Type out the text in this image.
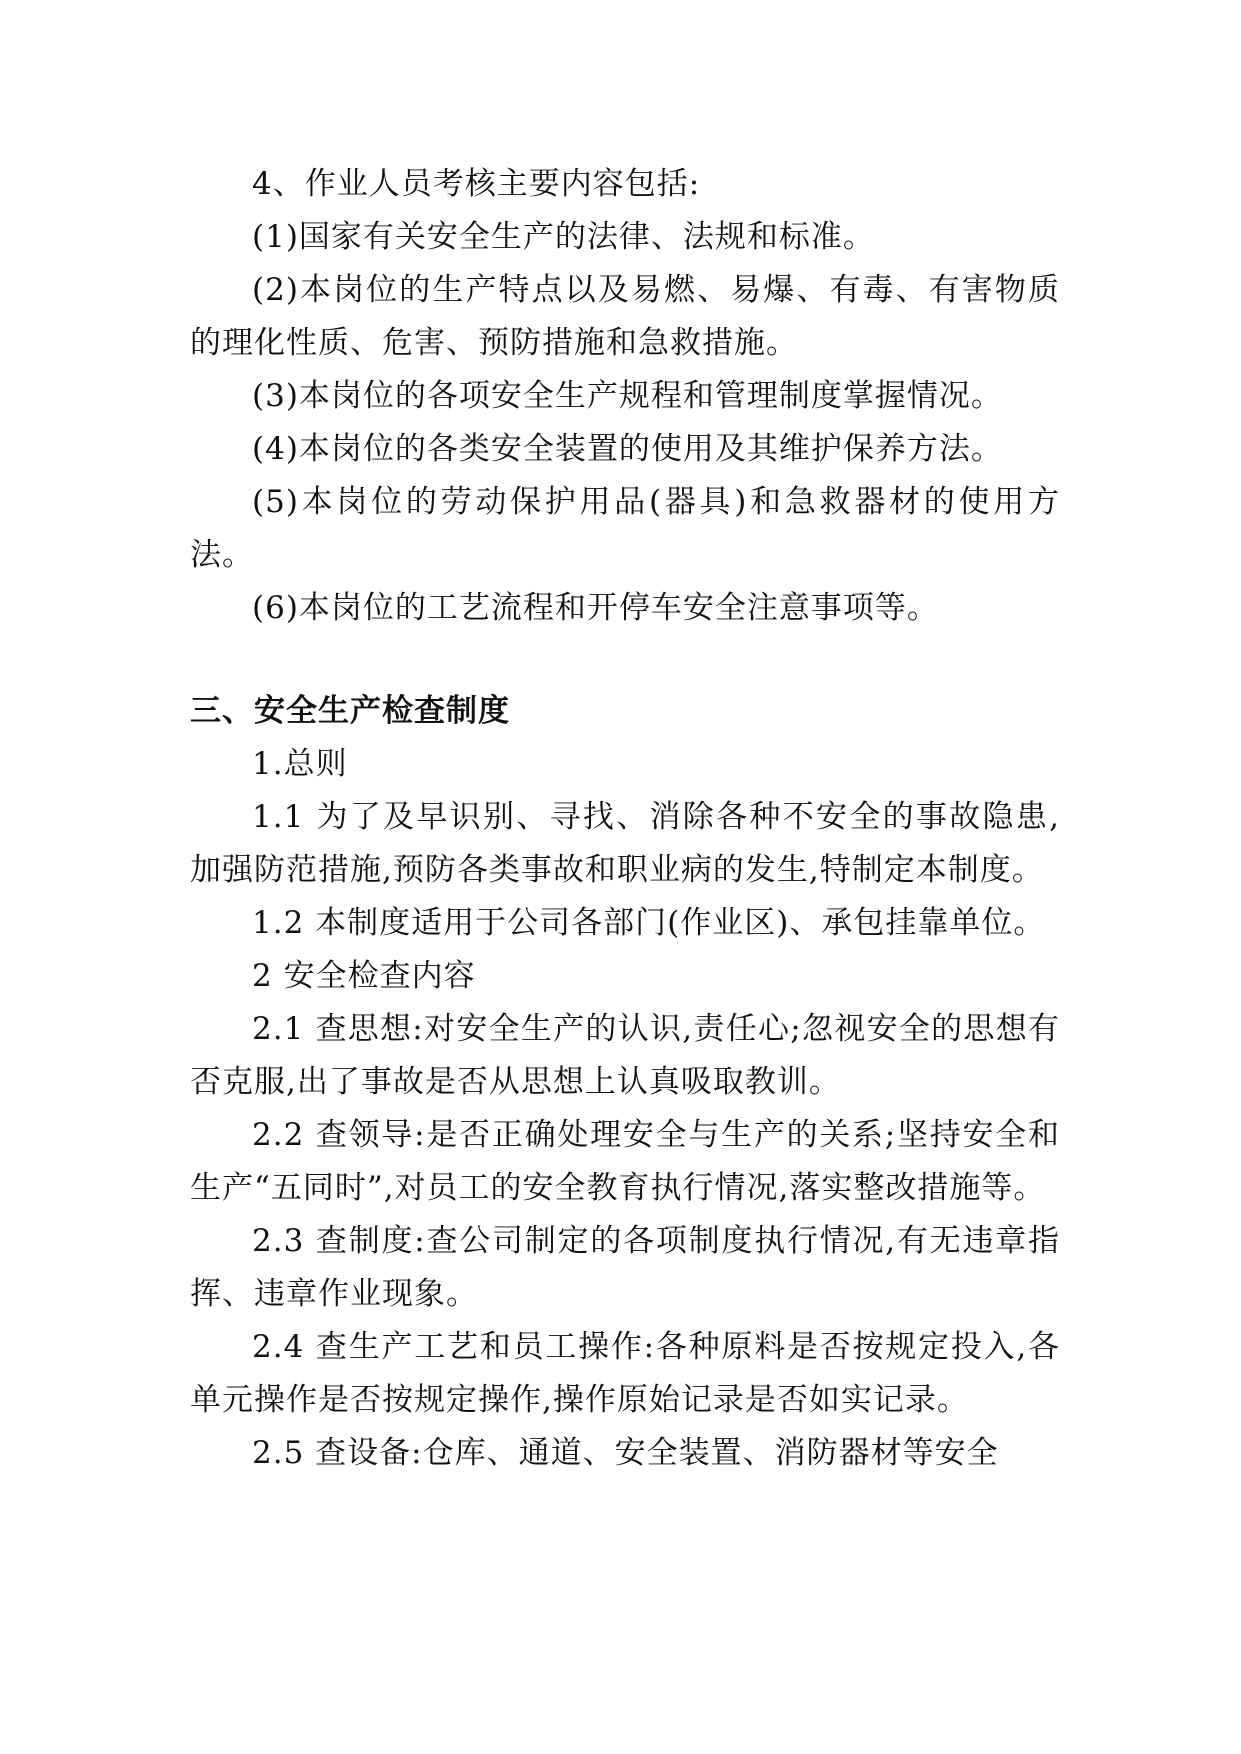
4、作业人员考核主要内容包括:

(1)国家有关安全生产的法律、法规和标准。

(2)本岗位的生产特点以及易燃、易爆、有毒、有害物质的理化性质、危害、预防措施和急救措施。

(3)本岗位的各项安全生产规程和管理制度掌握情况。

(4)本岗位的各类安全装置的使用及其维护保养方法。

(5)本岗位的劳动保护用品(器具)和急救器材的使用方法。

(6)本岗位的工艺流程和开停车安全注意事项等。

三、安全生产检查制度

1.总则

1.1 为了及早识别、寻找、消除各种不安全的事故隐患,加强防范措施,预防各类事故和职业病的发生,特制定本制度。

1.2 本制度适用于公司各部门(作业区)、承包挂靠单位。

2 安全检查内容

2.1 查思想:对安全生产的认识,责任心;忽视安全的思想有否克服,出了事故是否从思想上认真吸取教训。

2.2 查领导:是否正确处理安全与生产的关系;坚持安全和生产“五同时”,对员工的安全教育执行情况,落实整改措施等。

2.3 查制度:查公司制定的各项制度执行情况,有无违章指挥、违章作业现象。

2.4 查生产工艺和员工操作:各种原料是否按规定投入,各单元操作是否按规定操作,操作原始记录是否如实记录。

2.5 查设备:仓库、通道、安全装置、消防器材等安全
